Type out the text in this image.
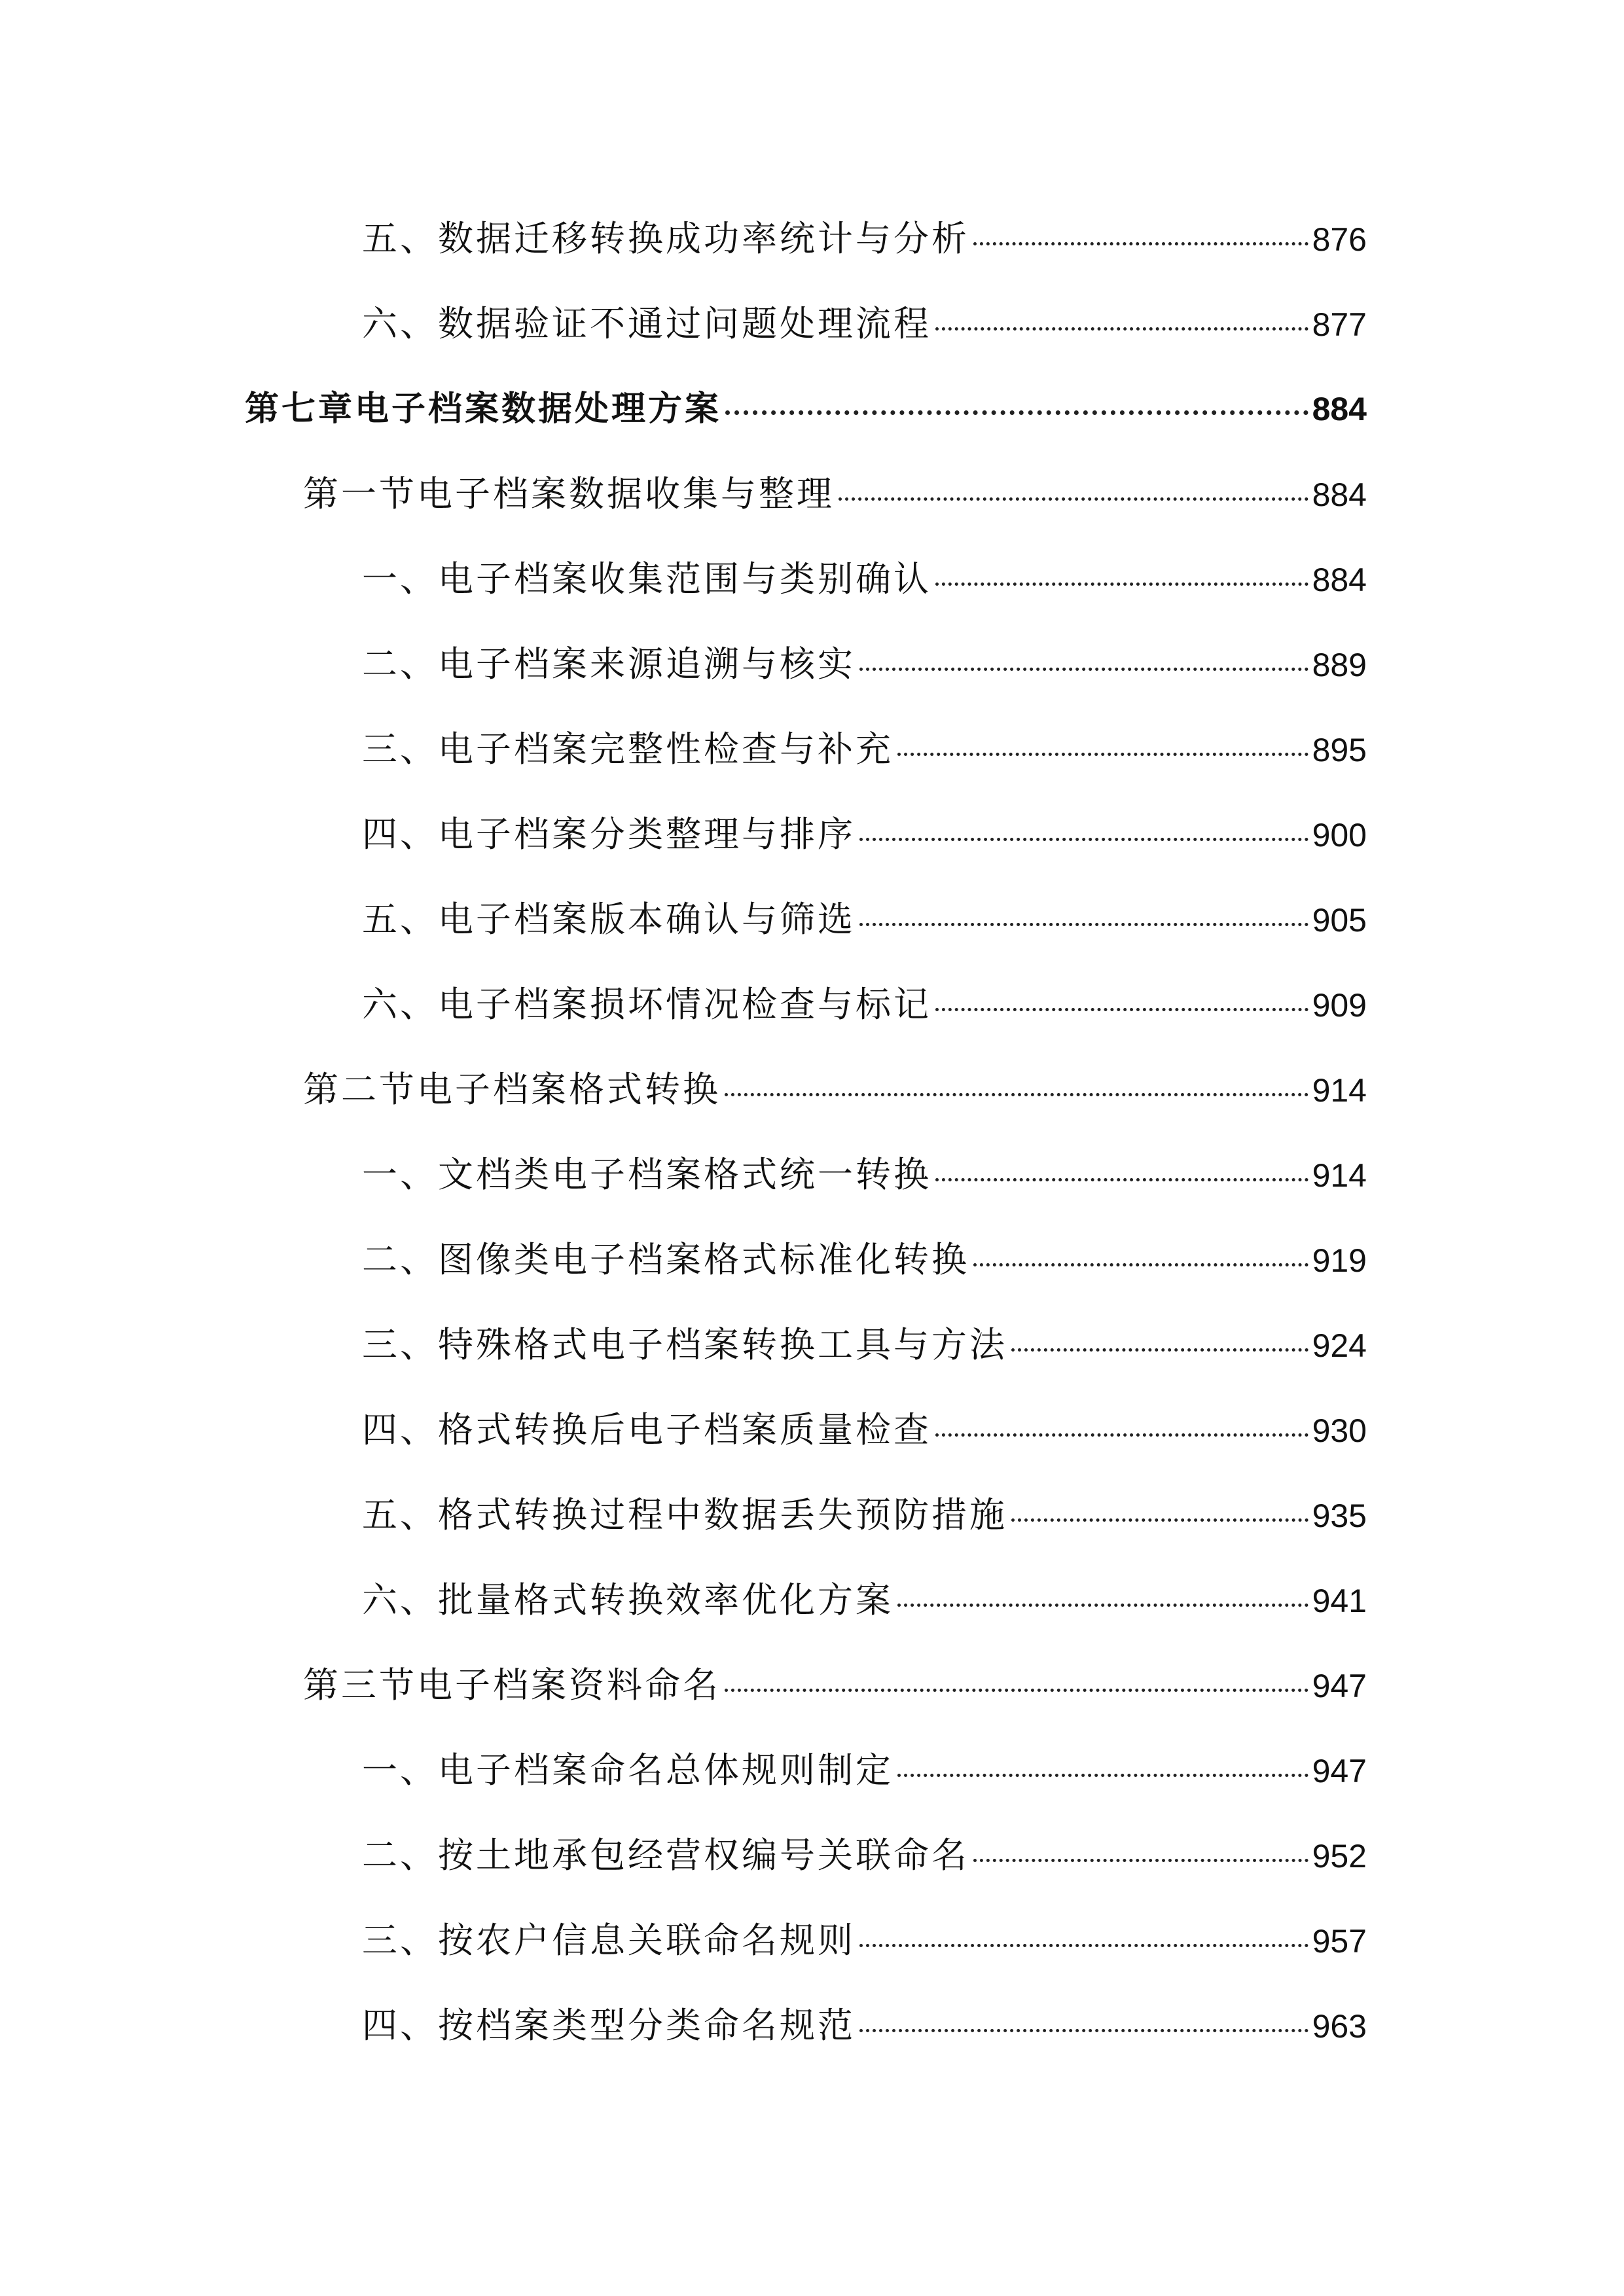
五、数据迁移转换成功率统计与分析	876
六、数据验证不通过问题处理流程	877
第七章电子档案数据处理方案	884
第一节电子档案数据收集与整理	884
一、电子档案收集范围与类别确认	884
二、电子档案来源追溯与核实	889
三、电子档案完整性检查与补充	895
四、电子档案分类整理与排序	900
五、电子档案版本确认与筛选	905
六、电子档案损坏情况检查与标记	909
第二节电子档案格式转换	914
一、文档类电子档案格式统一转换	914
二、图像类电子档案格式标准化转换	919
三、特殊格式电子档案转换工具与方法	924
四、格式转换后电子档案质量检查	930
五、格式转换过程中数据丢失预防措施	935
六、批量格式转换效率优化方案	941
第三节电子档案资料命名	947
一、电子档案命名总体规则制定	947
二、按土地承包经营权编号关联命名	952
三、按农户信息关联命名规则	957
四、按档案类型分类命名规范	963
